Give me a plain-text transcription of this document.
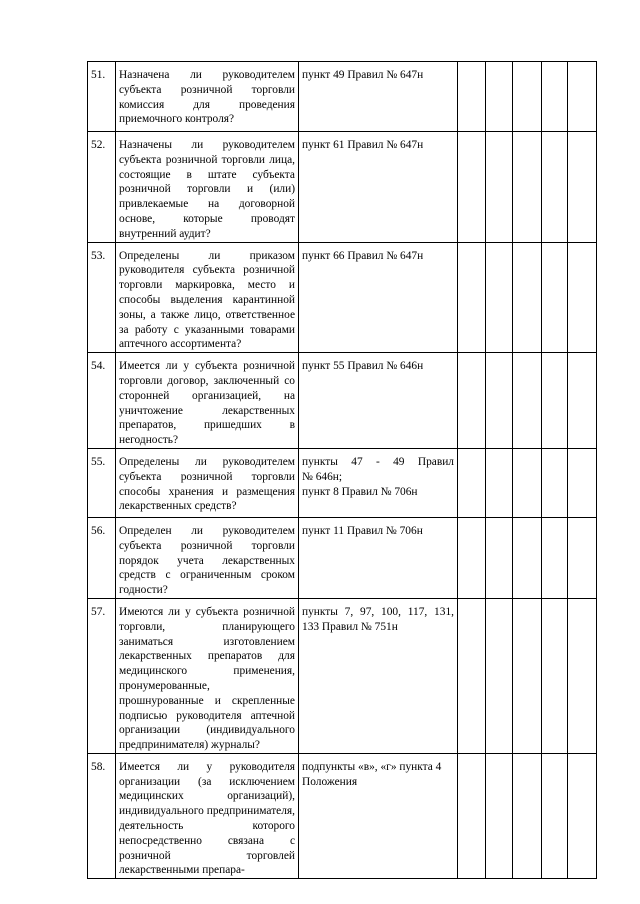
51.	Назначена ли руководителем субъекта розничной торговли комиссия для проведения приемочного контроля?	пункт 49 Правил № 647н					

52.	Назначены ли руководителем субъекта розничной торговли лица, состоящие в штате субъекта розничной торговли и (или) привлекаемые на договорной основе, которые проводят внутренний аудит?	пункт 61 Правил № 647н					

53.	Определены ли приказом руководителя субъекта розничной торговли маркировка, место и способы выделения карантинной зоны, а также лицо, ответственное за работу с указанными товарами аптечного ассортимента?	пункт 66 Правил № 647н					

54.	Имеется ли у субъекта розничной торговли договор, заключенный со сторонней организацией, на уничтожение лекарственных препаратов, пришедших в негодность?	пункт 55 Правил № 646н					

55.	Определены ли руководителем субъекта розничной торговли способы хранения и размещения лекарственных средств?	пункты 47 - 49 Правил
№ 646н;
пункт 8 Правил № 706н					

56.	Определен ли руководителем субъекта розничной торговли порядок учета лекарственных средств с ограниченным сроком годности?	пункт 11 Правил № 706н					

57.	Имеются ли у субъекта розничной торговли, планирующего заниматься изготовлением лекарственных препаратов для медицинского применения, пронумерованные, прошнурованные и скрепленные подписью руководителя аптечной организации (индивидуального предпринимателя) журналы?	пункты 7, 97, 100, 117, 131,
133 Правил № 751н					

58.	Имеется ли у руководителя организации (за исключением медицинских организаций), индивидуального предпринимателя, деятельность которого непосредственно связана с розничной торговлей лекарственными препара-	подпункты «в», «г» пункта 4
Положения					
